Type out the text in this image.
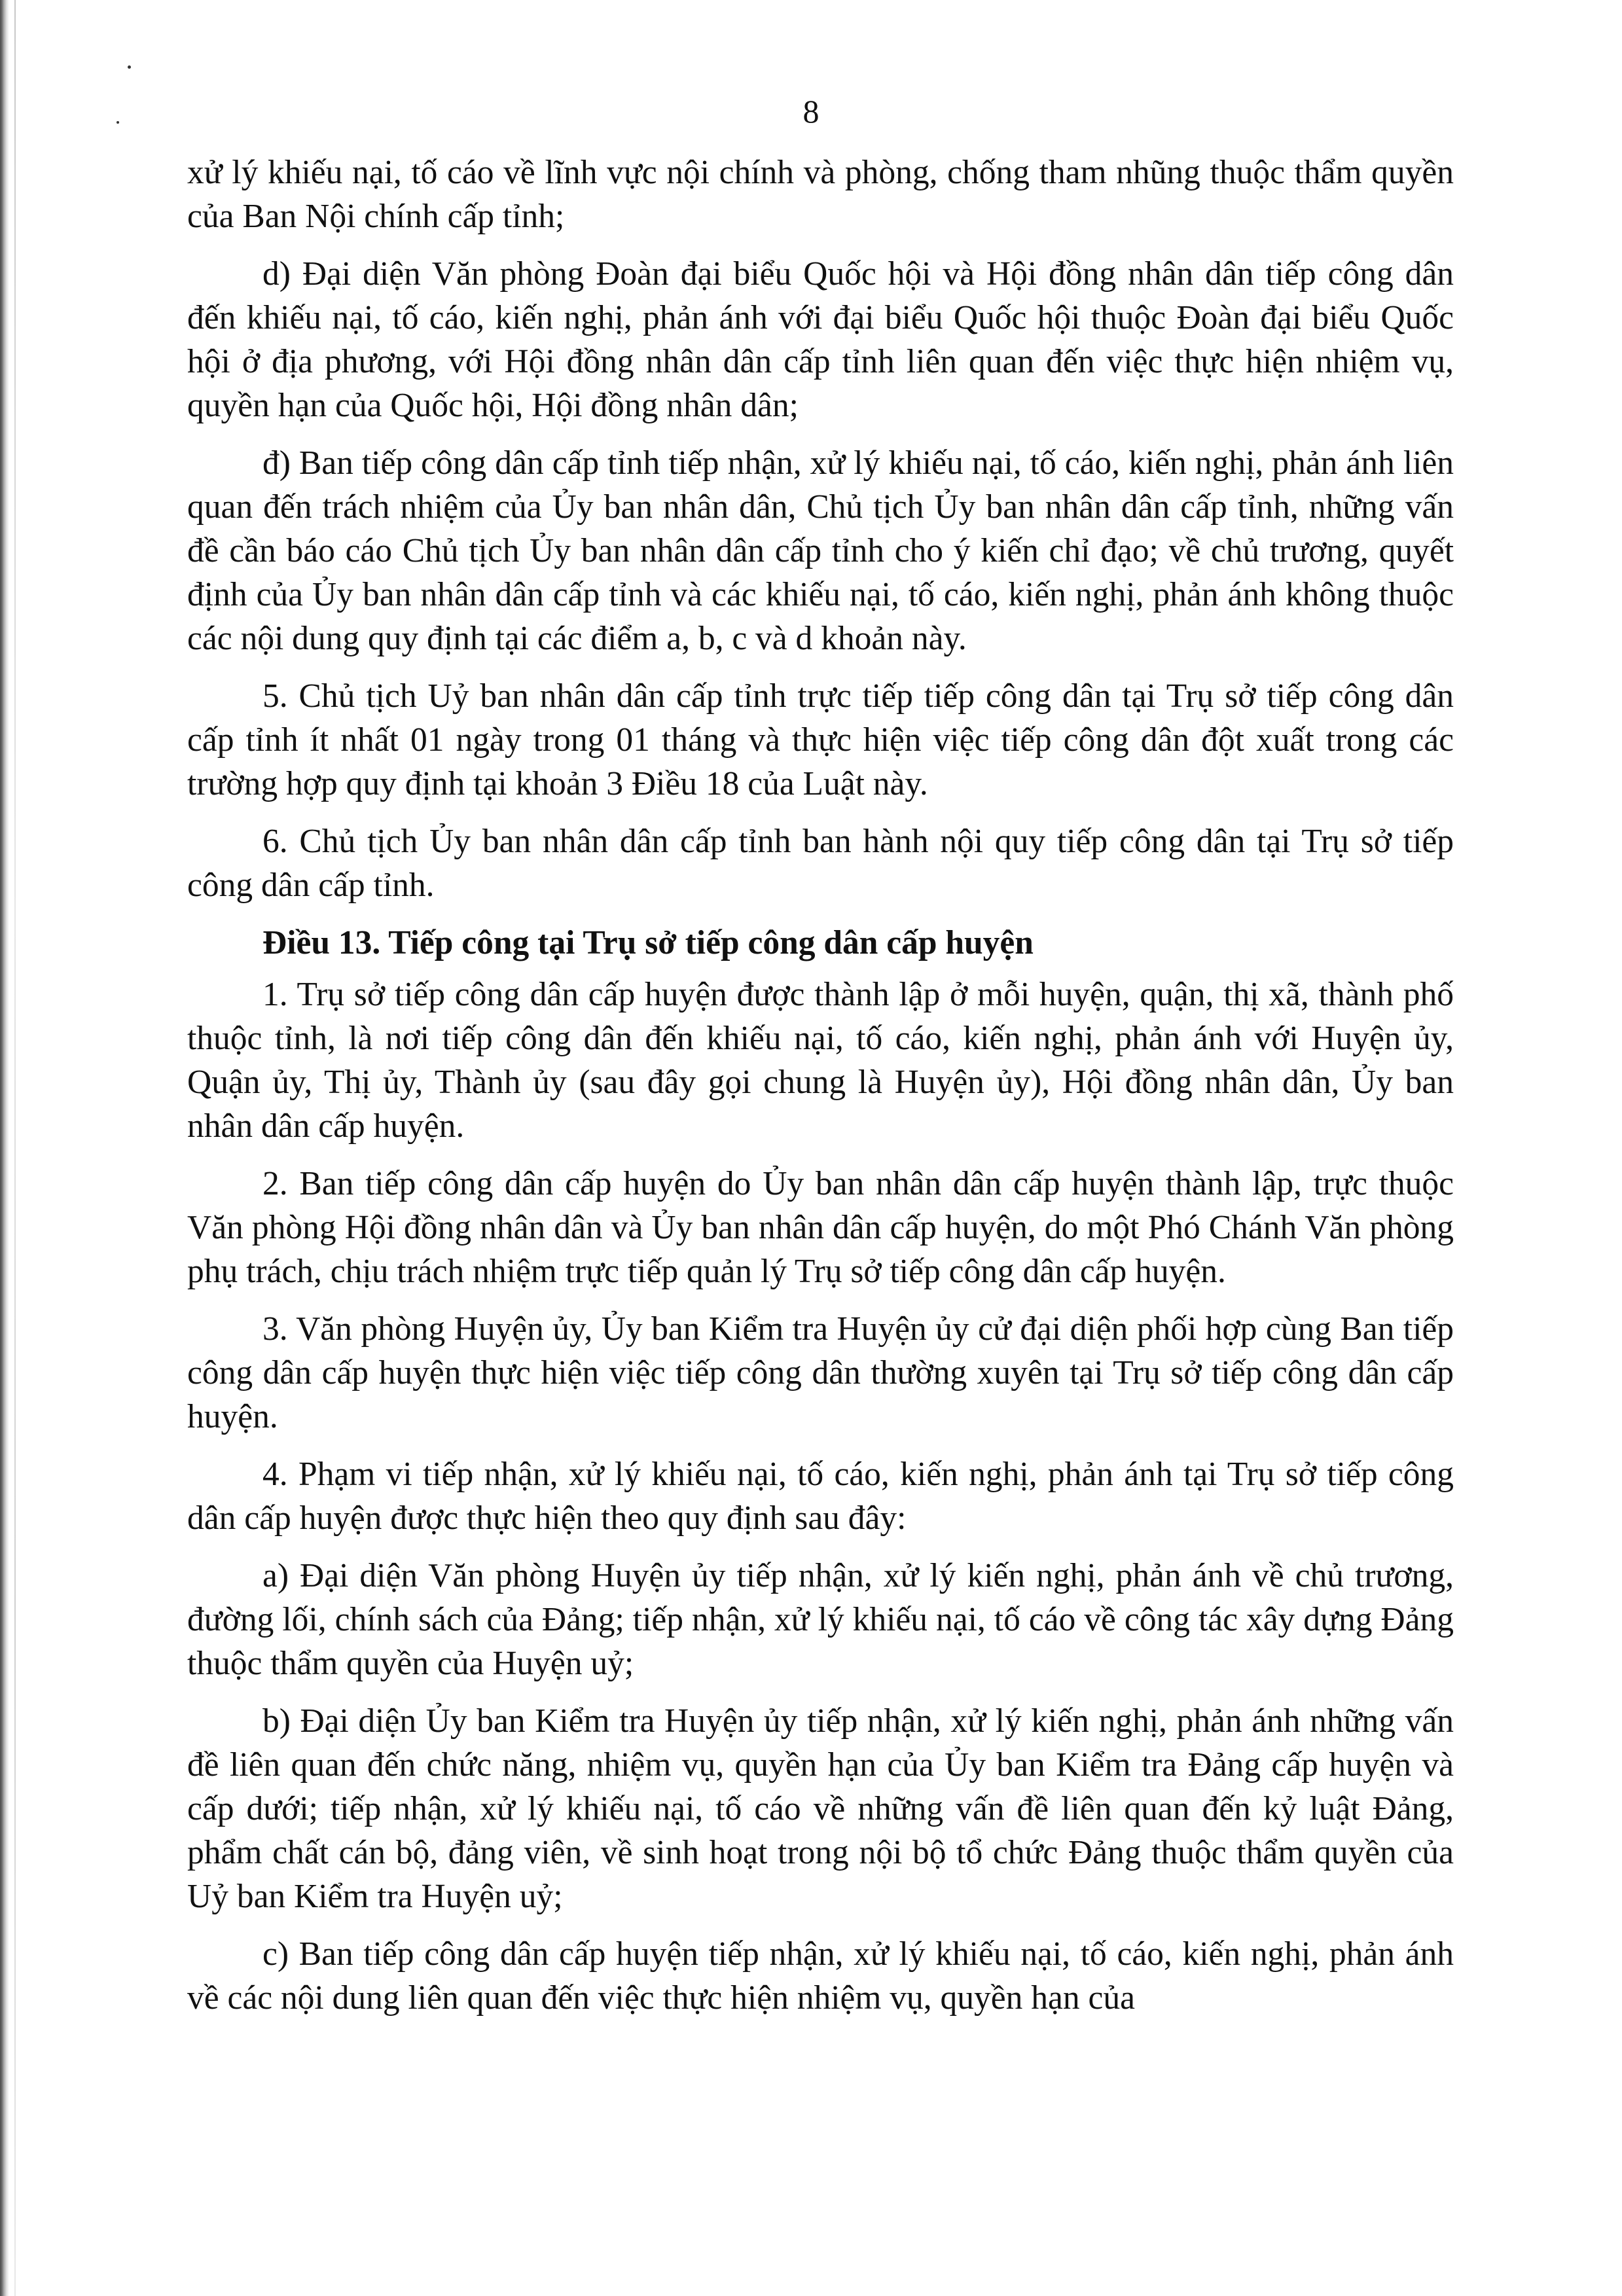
8

xử lý khiếu nại, tố cáo về lĩnh vực nội chính và phòng, chống tham nhũng thuộc thẩm quyền của Ban Nội chính cấp tỉnh;

d) Đại diện Văn phòng Đoàn đại biểu Quốc hội và Hội đồng nhân dân tiếp công dân đến khiếu nại, tố cáo, kiến nghị, phản ánh với đại biểu Quốc hội thuộc Đoàn đại biểu Quốc hội ở địa phương, với Hội đồng nhân dân cấp tỉnh liên quan đến việc thực hiện nhiệm vụ, quyền hạn của Quốc hội, Hội đồng nhân dân;

đ) Ban tiếp công dân cấp tỉnh tiếp nhận, xử lý khiếu nại, tố cáo, kiến nghị, phản ánh liên quan đến trách nhiệm của Ủy ban nhân dân, Chủ tịch Ủy ban nhân dân cấp tỉnh, những vấn đề cần báo cáo Chủ tịch Ủy ban nhân dân cấp tỉnh cho ý kiến chỉ đạo; về chủ trương, quyết định của Ủy ban nhân dân cấp tỉnh và các khiếu nại, tố cáo, kiến nghị, phản ánh không thuộc các nội dung quy định tại các điểm a, b, c và d khoản này.

5. Chủ tịch Uỷ ban nhân dân cấp tỉnh trực tiếp tiếp công dân tại Trụ sở tiếp công dân cấp tỉnh ít nhất 01 ngày trong 01 tháng và thực hiện việc tiếp công dân đột xuất trong các trường hợp quy định tại khoản 3 Điều 18 của Luật này.

6. Chủ tịch Ủy ban nhân dân cấp tỉnh ban hành nội quy tiếp công dân tại Trụ sở tiếp công dân cấp tỉnh.

Điều 13. Tiếp công tại Trụ sở tiếp công dân cấp huyện

1. Trụ sở tiếp công dân cấp huyện được thành lập ở mỗi huyện, quận, thị xã, thành phố thuộc tỉnh, là nơi tiếp công dân đến khiếu nại, tố cáo, kiến nghị, phản ánh với Huyện ủy, Quận ủy, Thị ủy, Thành ủy (sau đây gọi chung là Huyện ủy), Hội đồng nhân dân, Ủy ban nhân dân cấp huyện.

2. Ban tiếp công dân cấp huyện do Ủy ban nhân dân cấp huyện thành lập, trực thuộc Văn phòng Hội đồng nhân dân và Ủy ban nhân dân cấp huyện, do một Phó Chánh Văn phòng phụ trách, chịu trách nhiệm trực tiếp quản lý Trụ sở tiếp công dân cấp huyện.

3. Văn phòng Huyện ủy, Ủy ban Kiểm tra Huyện ủy cử đại diện phối hợp cùng Ban tiếp công dân cấp huyện thực hiện việc tiếp công dân thường xuyên tại Trụ sở tiếp công dân cấp huyện.

4. Phạm vi tiếp nhận, xử lý khiếu nại, tố cáo, kiến nghị, phản ánh tại Trụ sở tiếp công dân cấp huyện được thực hiện theo quy định sau đây:

a) Đại diện Văn phòng Huyện ủy tiếp nhận, xử lý kiến nghị, phản ánh về chủ trương, đường lối, chính sách của Đảng; tiếp nhận, xử lý khiếu nại, tố cáo về công tác xây dựng Đảng thuộc thẩm quyền của Huyện uỷ;

b) Đại diện Ủy ban Kiểm tra Huyện ủy tiếp nhận, xử lý kiến nghị, phản ánh những vấn đề liên quan đến chức năng, nhiệm vụ, quyền hạn của Ủy ban Kiểm tra Đảng cấp huyện và cấp dưới; tiếp nhận, xử lý khiếu nại, tố cáo về những vấn đề liên quan đến kỷ luật Đảng, phẩm chất cán bộ, đảng viên, về sinh hoạt trong nội bộ tổ chức Đảng thuộc thẩm quyền của Uỷ ban Kiểm tra Huyện uỷ;

c) Ban tiếp công dân cấp huyện tiếp nhận, xử lý khiếu nại, tố cáo, kiến nghị, phản ánh về các nội dung liên quan đến việc thực hiện nhiệm vụ, quyền hạn của
